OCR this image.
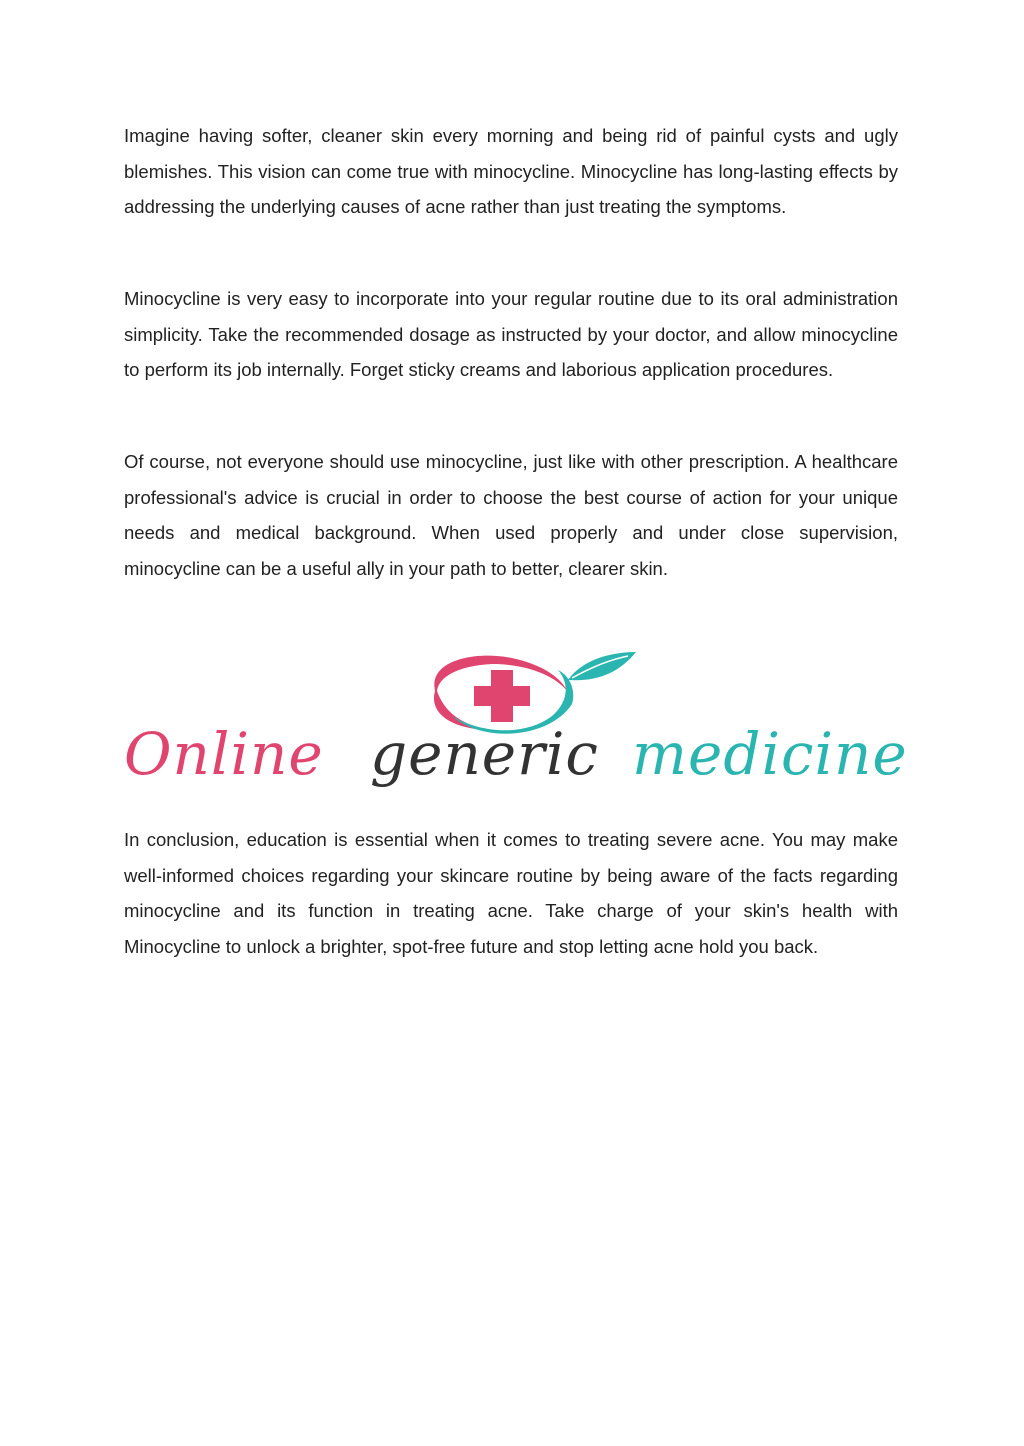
Imagine having softer, cleaner skin every morning and being rid of painful cysts and ugly blemishes. This vision can come true with minocycline. Minocycline has long-lasting effects by addressing the underlying causes of acne rather than just treating the symptoms.

Minocycline is very easy to incorporate into your regular routine due to its oral administration simplicity. Take the recommended dosage as instructed by your doctor, and allow minocycline to perform its job internally. Forget sticky creams and laborious application procedures.

Of course, not everyone should use minocycline, just like with other prescription. A healthcare professional's advice is crucial in order to choose the best course of action for your unique needs and medical background. When used properly and under close supervision, minocycline can be a useful ally in your path to better, clearer skin.

Online generic medicine

In conclusion, education is essential when it comes to treating severe acne. You may make well-informed choices regarding your skincare routine by being aware of the facts regarding minocycline and its function in treating acne. Take charge of your skin's health with Minocycline to unlock a brighter, spot-free future and stop letting acne hold you back.
